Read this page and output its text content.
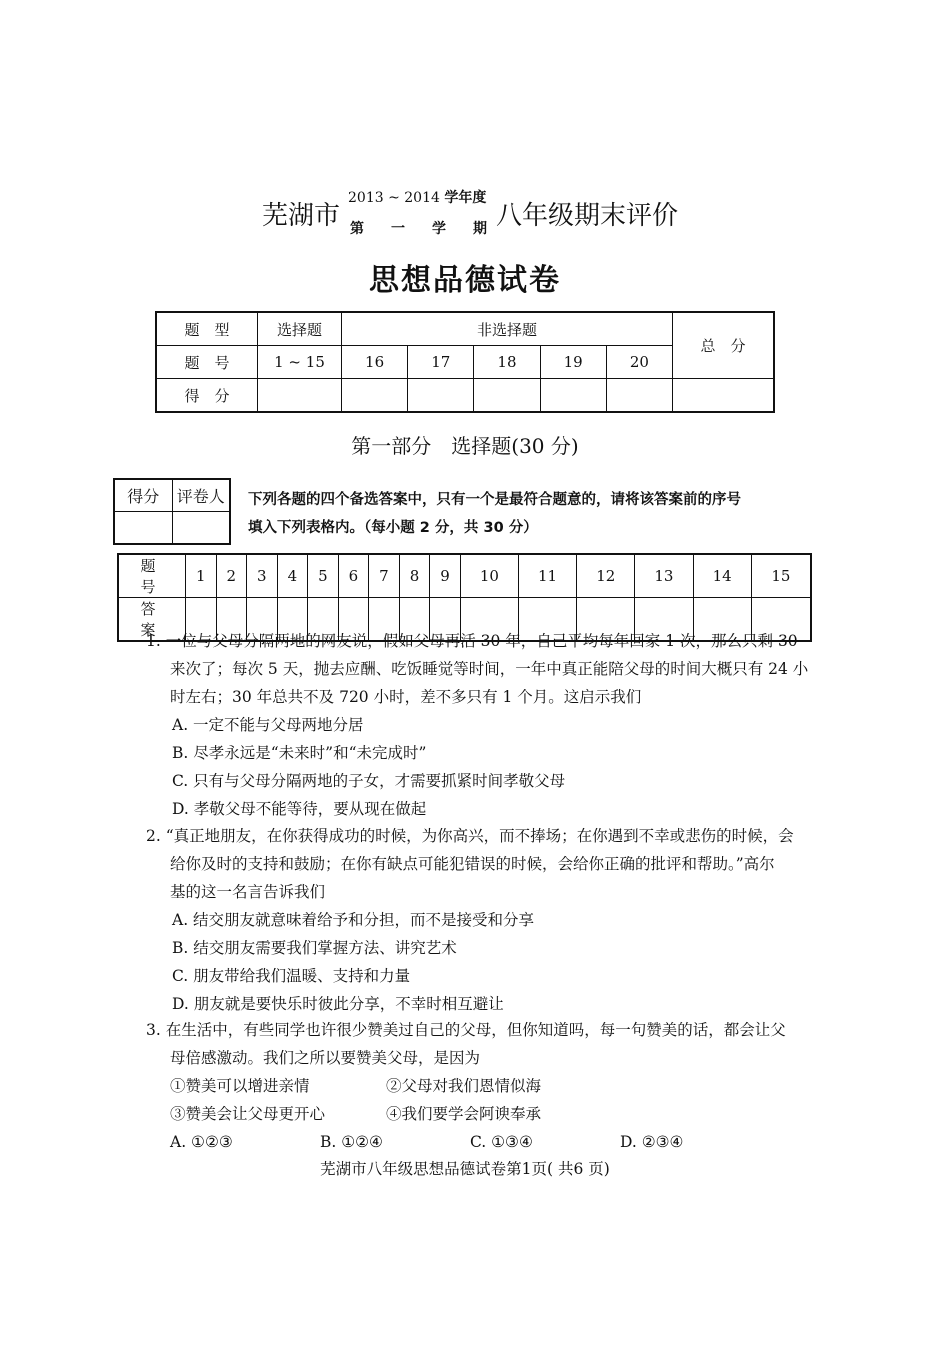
芜湖市
2013 ~ 2014 学年度
第一学期
八年级期末评价
思想品德试卷
题　型	选择题	非选择题					总　分
题　号	1 ~ 15	16	17	18	19	20	
得　分							
第一部分　选择题(30 分)
得分	评卷人
	下列各题的四个备选答案中，只有一个是最符合题意的，请将该答案前的序号
填入下列表格内。（每小题 2 分，共 30 分）
题　号	1	2	3	4	5	6	7	8	9	10	11	12	13	14	15
答　案															
1. 一位与父母分隔两地的网友说，假如父母再活 30 年，自己平均每年回家 1 次，那么只剩 30
来次了；每次 5 天，抛去应酬、吃饭睡觉等时间，一年中真正能陪父母的时间大概只有 24 小
时左右；30 年总共不及 720 小时，差不多只有 1 个月。这启示我们
A. 一定不能与父母两地分居
B. 尽孝永远是“未来时”和“未完成时”
C. 只有与父母分隔两地的子女，才需要抓紧时间孝敬父母
D. 孝敬父母不能等待，要从现在做起
2. “真正地朋友，在你获得成功的时候，为你高兴，而不捧场；在你遇到不幸或悲伤的时候，会
给你及时的支持和鼓励；在你有缺点可能犯错误的时候，会给你正确的批评和帮助。”高尔
基的这一名言告诉我们
A. 结交朋友就意味着给予和分担，而不是接受和分享
B. 结交朋友需要我们掌握方法、讲究艺术
C. 朋友带给我们温暖、支持和力量
D. 朋友就是要快乐时彼此分享，不幸时相互避让
3. 在生活中，有些同学也许很少赞美过自己的父母，但你知道吗，每一句赞美的话，都会让父
母倍感激动。我们之所以要赞美父母，是因为
①赞美可以增进亲情	②父母对我们恩情似海
③赞美会让父母更开心	④我们要学会阿谀奉承
A. ①②③	B. ①②④	C. ①③④	D. ②③④
芜湖市八年级思想品德试卷第1页( 共6 页)
